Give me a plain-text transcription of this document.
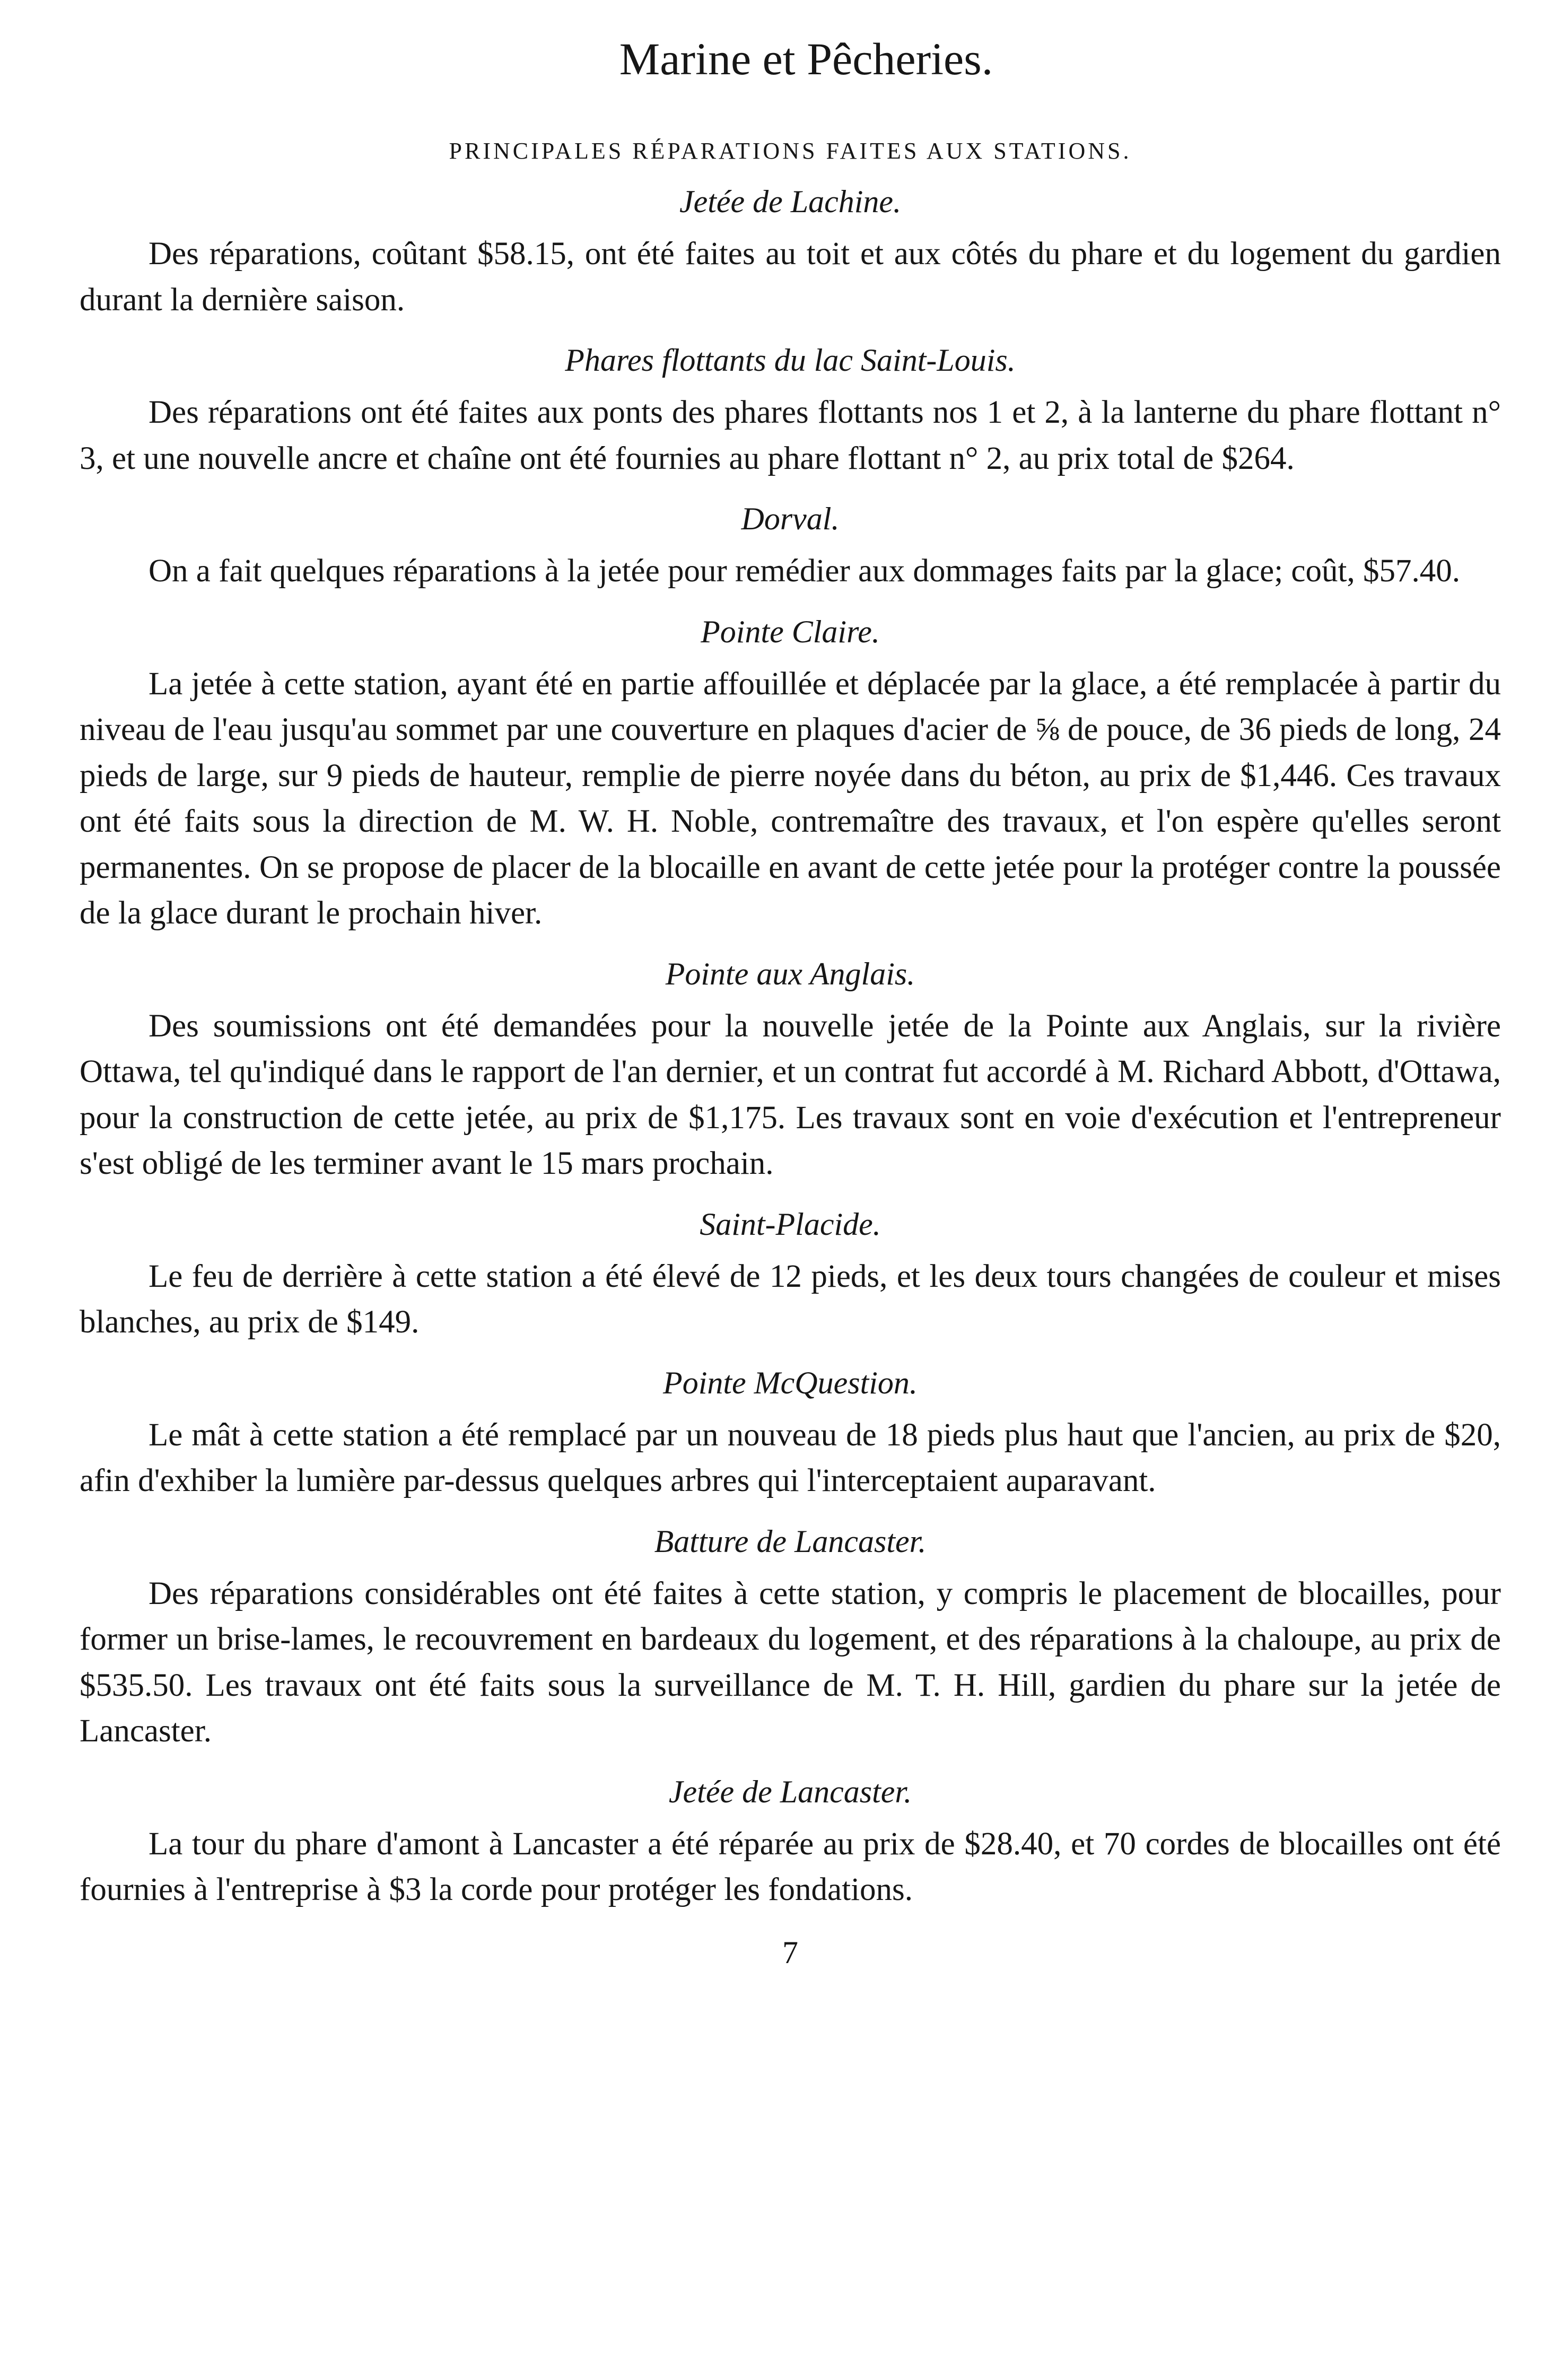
Marine et Pêcheries.
PRINCIPALES RÉPARATIONS FAITES AUX STATIONS.
Jetée de Lachine.

Des réparations, coûtant $58.15, ont été faites au toit et aux côtés du phare et du logement du gardien durant la dernière saison.

Phares flottants du lac Saint-Louis.

Des réparations ont été faites aux ponts des phares flottants nos 1 et 2, à la lanterne du phare flottant n° 3, et une nouvelle ancre et chaîne ont été fournies au phare flottant n° 2, au prix total de $264.

Dorval.

On a fait quelques réparations à la jetée pour remédier aux dommages faits par la glace; coût, $57.40.

Pointe Claire.

La jetée à cette station, ayant été en partie affouillée et déplacée par la glace, a été remplacée à partir du niveau de l'eau jusqu'au sommet par une couverture en plaques d'acier de ⅝ de pouce, de 36 pieds de long, 24 pieds de large, sur 9 pieds de hauteur, remplie de pierre noyée dans du béton, au prix de $1,446. Ces travaux ont été faits sous la direction de M. W. H. Noble, contremaître des travaux, et l'on espère qu'elles seront permanentes. On se propose de placer de la blocaille en avant de cette jetée pour la protéger contre la poussée de la glace durant le prochain hiver.

Pointe aux Anglais.

Des soumissions ont été demandées pour la nouvelle jetée de la Pointe aux Anglais, sur la rivière Ottawa, tel qu'indiqué dans le rapport de l'an dernier, et un contrat fut accordé à M. Richard Abbott, d'Ottawa, pour la construction de cette jetée, au prix de $1,175. Les travaux sont en voie d'exécution et l'entrepreneur s'est obligé de les terminer avant le 15 mars prochain.

Saint-Placide.

Le feu de derrière à cette station a été élevé de 12 pieds, et les deux tours changées de couleur et mises blanches, au prix de $149.

Pointe McQuestion.

Le mât à cette station a été remplacé par un nouveau de 18 pieds plus haut que l'ancien, au prix de $20, afin d'exhiber la lumière par-dessus quelques arbres qui l'interceptaient auparavant.

Batture de Lancaster.

Des réparations considérables ont été faites à cette station, y compris le placement de blocailles, pour former un brise-lames, le recouvrement en bardeaux du logement, et des réparations à la chaloupe, au prix de $535.50. Les travaux ont été faits sous la surveillance de M. T. H. Hill, gardien du phare sur la jetée de Lancaster.

Jetée de Lancaster.

La tour du phare d'amont à Lancaster a été réparée au prix de $28.40, et 70 cordes de blocailles ont été fournies à l'entreprise à $3 la corde pour protéger les fondations.

7
